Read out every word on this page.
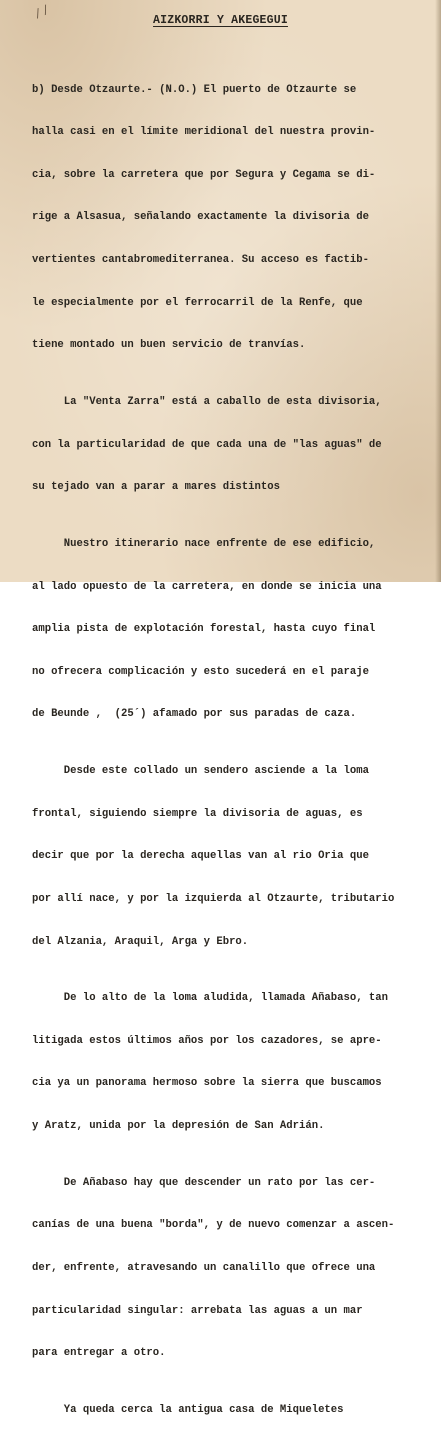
⁄⁄	AIZKORRI Y AKEGEGUI

b) Desde Otzaurte.- (N.O.) El puerto de Otzaurte se

halla casi en el límite meridional del nuestra provin-

cia, sobre la carretera que por Segura y Cegama se di-

rige a Alsasua, señalando exactamente la divisoria de

vertientes cantabromediterranea. Su acceso es factib-

le especialmente por el ferrocarril de la Renfe, que

tiene montado un buen servicio de tranvías.

La "Venta Zarra" está a caballo de esta divisoria,

con la particularidad de que cada una de "las aguas" de

su tejado van a parar a mares distintos

Nuestro itinerario nace enfrente de ese edificio,

al lado opuesto de la carretera, en donde se inicia una

amplia pista de explotación forestal, hasta cuyo final

no ofrecera complicación y esto sucederá en el paraje

de Beunde ,  (25´) afamado por sus paradas de caza.

Desde este collado un sendero asciende a la loma

frontal, siguiendo siempre la divisoria de aguas, es

decir que por la derecha aquellas van al rio Oria que

por allí nace, y por la izquierda al Otzaurte, tributario

del Alzania, Araquil, Arga y Ebro.

De lo alto de la loma aludida, llamada Añabaso, tan

litigada estos últimos años por los cazadores, se apre-

cia ya un panorama hermoso sobre la sierra que buscamos

y Aratz, unida por la depresión de San Adrián.

De Añabaso hay que descender un rato por las cer-

canías de una buena "borda", y de nuevo comenzar a ascen-

der, enfrente, atravesando un canalillo que ofrece una

particularidad singular: arrebata las aguas a un mar

para entregar a otro.

Ya queda cerca la antigua casa de Miqueletes
